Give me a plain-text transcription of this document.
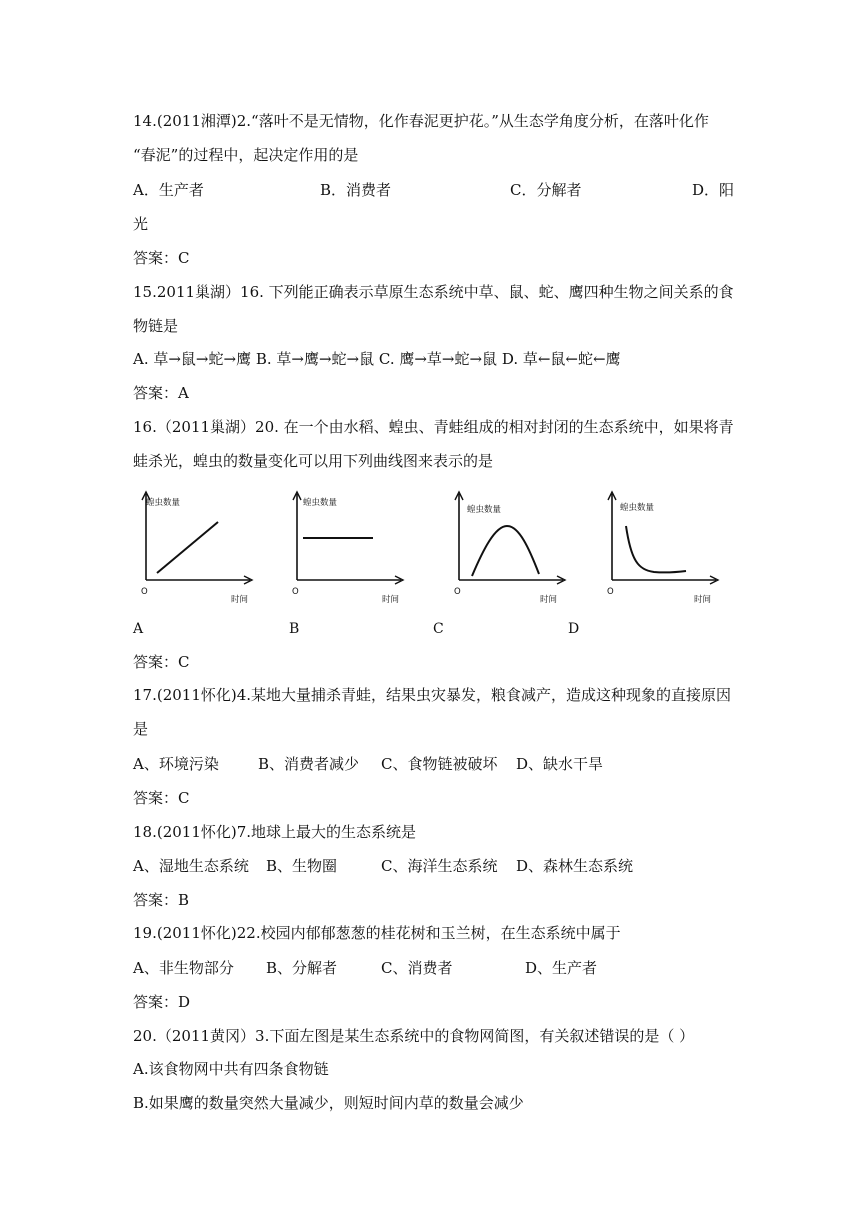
14.(2011湘潭)2.“落叶不是无情物，化作春泥更护花。”从生态学角度分析，在落叶化作
“春泥”的过程中，起决定作用的是
A．生产者	B．消费者	C．分解者	D．阳
光
答案：C
15.2011巢湖）16. 下列能正确表示草原生态系统中草、鼠、蛇、鹰四种生物之间关系的食
物链是
A. 草→鼠→蛇→鹰 B. 草→鹰→蛇→鼠 C. 鹰→草→蛇→鼠 D. 草←鼠←蛇←鹰
答案：A
16.（2011巢湖）20. 在一个由水稻、蝗虫、青蛙组成的相对封闭的生态系统中，如果将青
蛙杀光，蝗虫的数量变化可以用下列曲线图来表示的是
蝗虫数量
O
时间
蝗虫数量
O
时间
蝗虫数量
O
时间
蝗虫数量
O
时间
A	B	C	D
答案：C
17.(2011怀化)4.某地大量捕杀青蛙，结果虫灾暴发，粮食减产，造成这种现象的直接原因
是
A、环境污染	B、消费者减少 C、食物链被破坏 D、缺水干旱
答案：C
18.(2011怀化)7.地球上最大的生态系统是
A、湿地生态系统 B、生物圈	C、海洋生态系统 D、森林生态系统
答案：B
19.(2011怀化)22.校园内郁郁葱葱的桂花树和玉兰树，在生态系统中属于
A、非生物部分 B、分解者	C、消费者	D、生产者
答案：D
20.（2011黄冈）3.下面左图是某生态系统中的食物网简图，有关叙述错误的是（ ）
A.该食物网中共有四条食物链
B.如果鹰的数量突然大量减少，则短时间内草的数量会减少
